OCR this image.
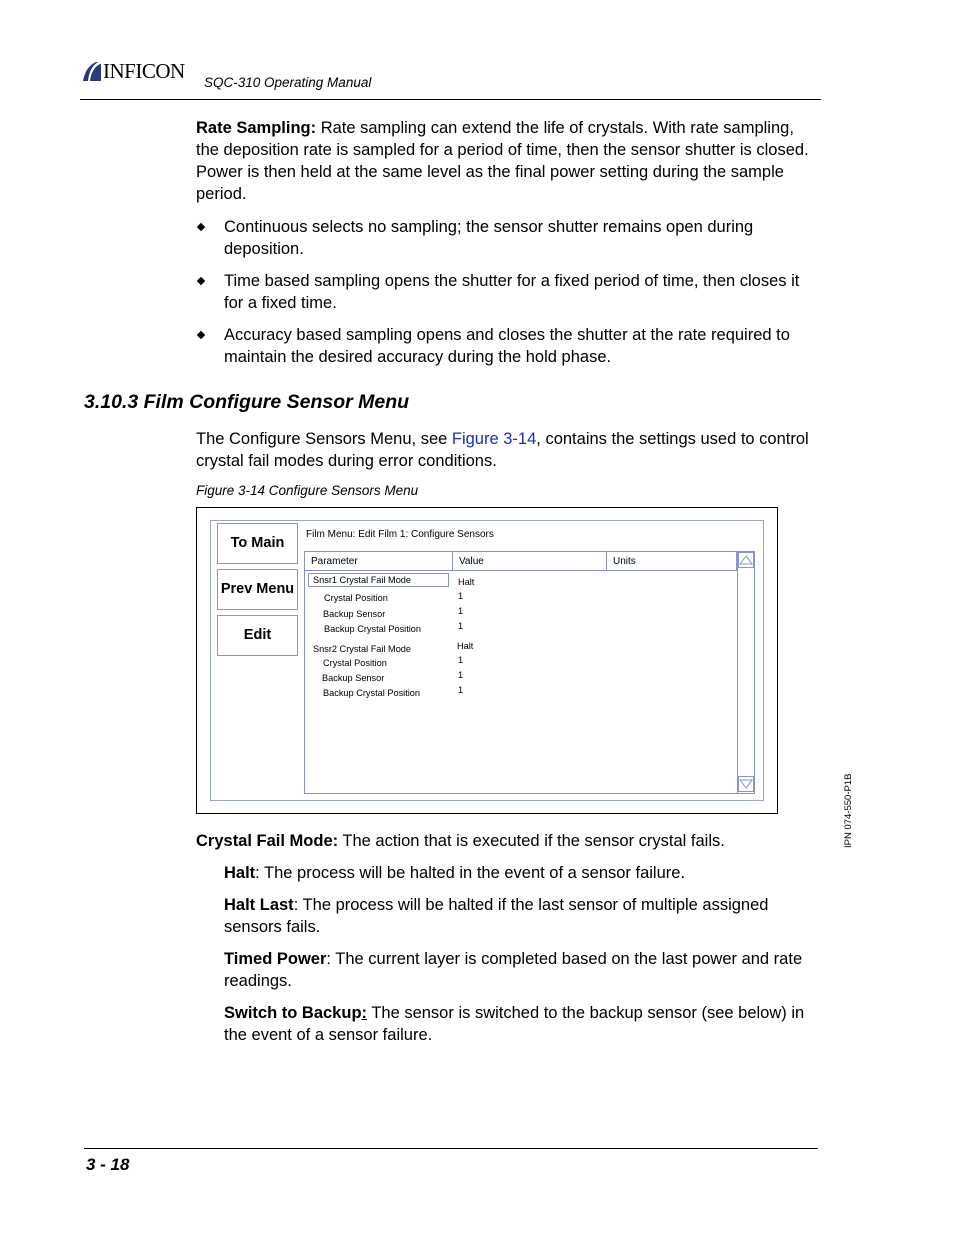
INFICON SQC-310 Operating Manual
Rate Sampling: Rate sampling can extend the life of crystals. With rate sampling, the deposition rate is sampled for a period of time, then the sensor shutter is closed. Power is then held at the same level as the final power setting during the sample period.
Continuous selects no sampling; the sensor shutter remains open during deposition.
Time based sampling opens the shutter for a fixed period of time, then closes it for a fixed time.
Accuracy based sampling opens and closes the shutter at the rate required to maintain the desired accuracy during the hold phase.
3.10.3 Film Configure Sensor Menu
The Configure Sensors Menu, see Figure 3-14, contains the settings used to control crystal fail modes during error conditions.
Figure 3-14 Configure Sensors Menu
To Main
Prev Menu
Edit
Film Menu: Edit Film 1: Configure Sensors
Parameter	Value	Units
Snsr1 Crystal Fail Mode	Halt
Crystal Position	1
Backup Sensor	1
Backup Crystal Position	1
Snsr2 Crystal Fail Mode	Halt
Crystal Position	1
Backup Sensor	1
Backup Crystal Position	1
Crystal Fail Mode: The action that is executed if the sensor crystal fails.
Halt: The process will be halted in the event of a sensor failure.
Halt Last: The process will be halted if the last sensor of multiple assigned sensors fails.
Timed Power: The current layer is completed based on the last power and rate readings.
Switch to Backup: The sensor is switched to the backup sensor (see below) in the event of a sensor failure.
IPN 074-550-P1B
3 - 18
